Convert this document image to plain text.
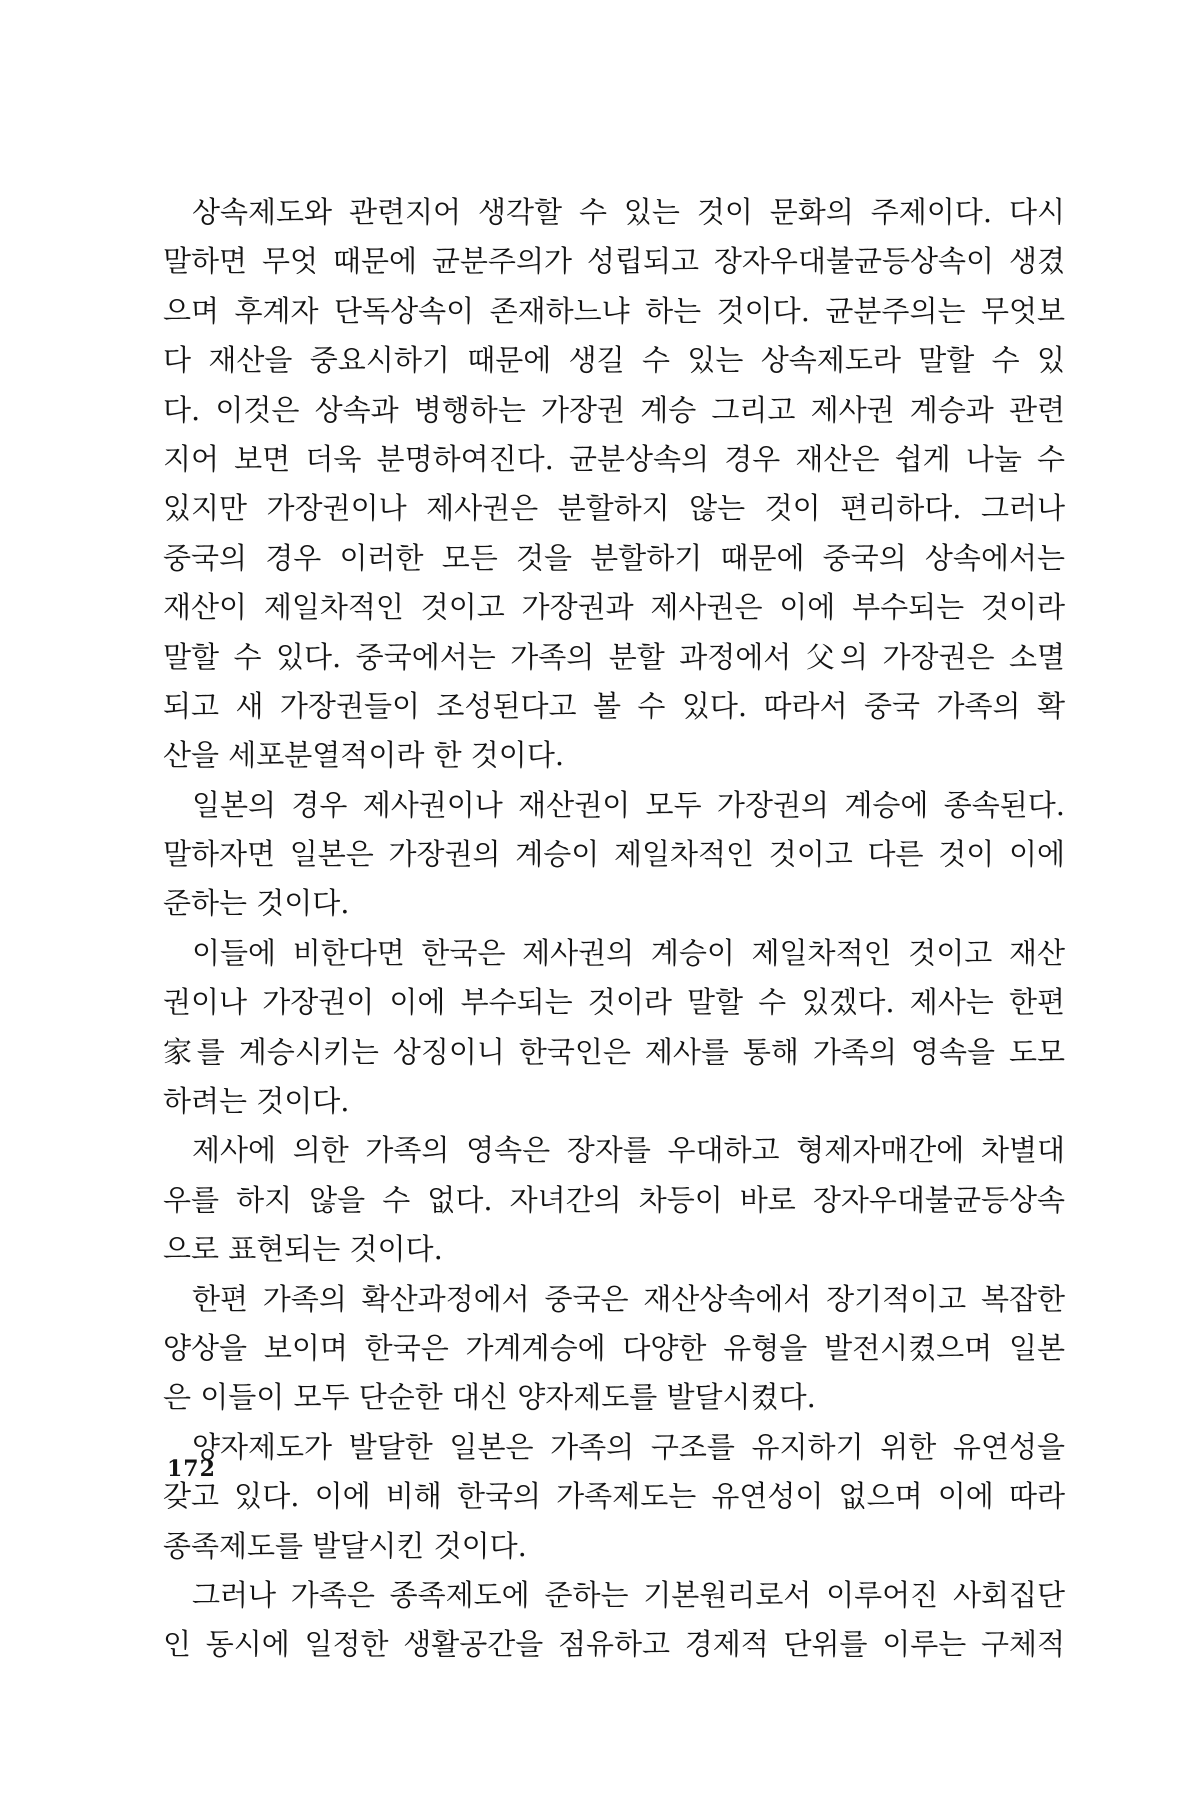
상속제도와 관련지어 생각할 수 있는 것이 문화의 주제이다. 다시
말하면 무엇 때문에 균분주의가 성립되고 장자우대불균등상속이 생겼
으며 후계자 단독상속이 존재하느냐 하는 것이다. 균분주의는 무엇보
다 재산을 중요시하기 때문에 생길 수 있는 상속제도라 말할 수 있
다. 이것은 상속과 병행하는 가장권 계승 그리고 제사권 계승과 관련
지어 보면 더욱 분명하여진다. 균분상속의 경우 재산은 쉽게 나눌 수
있지만 가장권이나 제사권은 분할하지 않는 것이 편리하다. 그러나
중국의 경우 이러한 모든 것을 분할하기 때문에 중국의 상속에서는
재산이 제일차적인 것이고 가장권과 제사권은 이에 부수되는 것이라
말할 수 있다. 중국에서는 가족의 분할 과정에서 父의 가장권은 소멸
되고 새 가장권들이 조성된다고 볼 수 있다. 따라서 중국 가족의 확
산을 세포분열적이라 한 것이다.
일본의 경우 제사권이나 재산권이 모두 가장권의 계승에 종속된다.
말하자면 일본은 가장권의 계승이 제일차적인 것이고 다른 것이 이에
준하는 것이다.
이들에 비한다면 한국은 제사권의 계승이 제일차적인 것이고 재산
권이나 가장권이 이에 부수되는 것이라 말할 수 있겠다. 제사는 한편
家를 계승시키는 상징이니 한국인은 제사를 통해 가족의 영속을 도모
하려는 것이다.
제사에 의한 가족의 영속은 장자를 우대하고 형제자매간에 차별대
우를 하지 않을 수 없다. 자녀간의 차등이 바로 장자우대불균등상속
으로 표현되는 것이다.
한편 가족의 확산과정에서 중국은 재산상속에서 장기적이고 복잡한
양상을 보이며 한국은 가계계승에 다양한 유형을 발전시켰으며 일본
은 이들이 모두 단순한 대신 양자제도를 발달시켰다.
양자제도가 발달한 일본은 가족의 구조를 유지하기 위한 유연성을
갖고 있다. 이에 비해 한국의 가족제도는 유연성이 없으며 이에 따라
종족제도를 발달시킨 것이다.
그러나 가족은 종족제도에 준하는 기본원리로서 이루어진 사회집단
인 동시에 일정한 생활공간을 점유하고 경제적 단위를 이루는 구체적
172
